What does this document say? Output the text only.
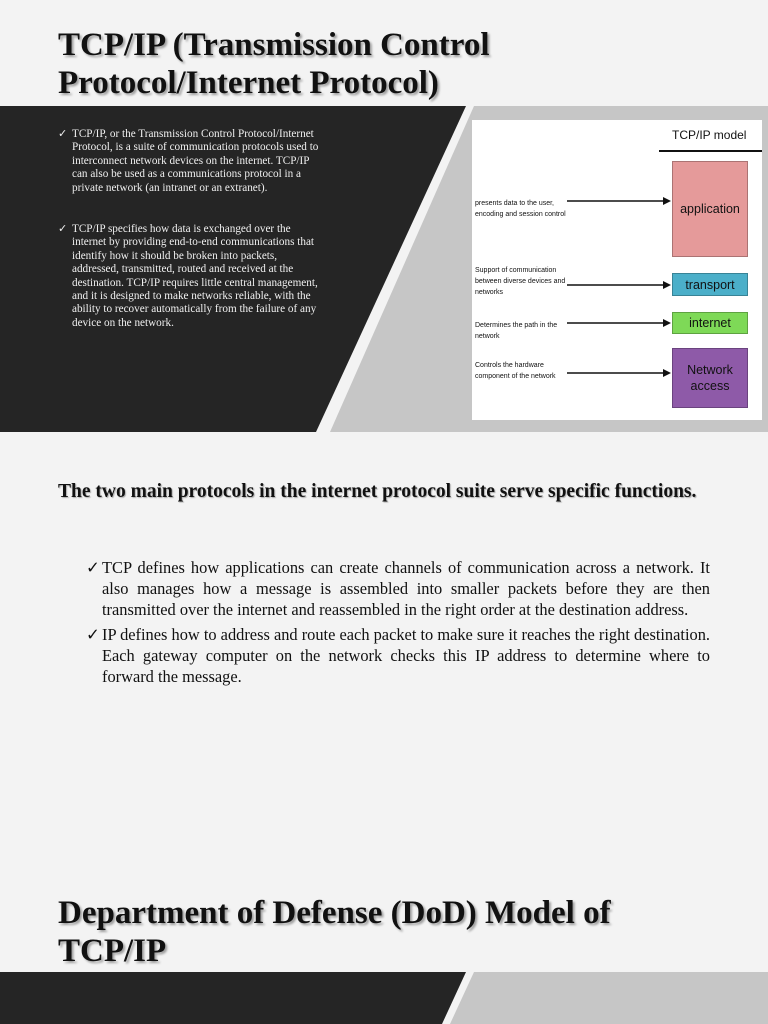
TCP/IP (Transmission Control Protocol/Internet Protocol)
✓ TCP/IP, or the Transmission Control Protocol/Internet Protocol, is a suite of communication protocols used to interconnect network devices on the internet. TCP/IP can also be used as a communications protocol in a private network (an intranet or an extranet).
✓ TCP/IP specifies how data is exchanged over the internet by providing end-to-end communications that identify how it should be broken into packets, addressed, transmitted, routed and received at the destination. TCP/IP requires little central management, and it is designed to make networks reliable, with the ability to recover automatically from the failure of any device on the network.
TCP/IP model
application
transport
internet
Network access
presents data to the user, encoding and session control
Support of communication between diverse devices and networks
Determines the path in the network
Controls the hardware component of the network
The two main protocols in the internet protocol suite serve specific functions.
✓ TCP defines how applications can create channels of communication across a network. It also manages how a message is assembled into smaller packets before they are then transmitted over the internet and reassembled in the right order at the destination address.
✓ IP defines how to address and route each packet to make sure it reaches the right destination. Each gateway computer on the network checks this IP address to determine where to forward the message.
Department of Defense (DoD) Model of TCP/IP
